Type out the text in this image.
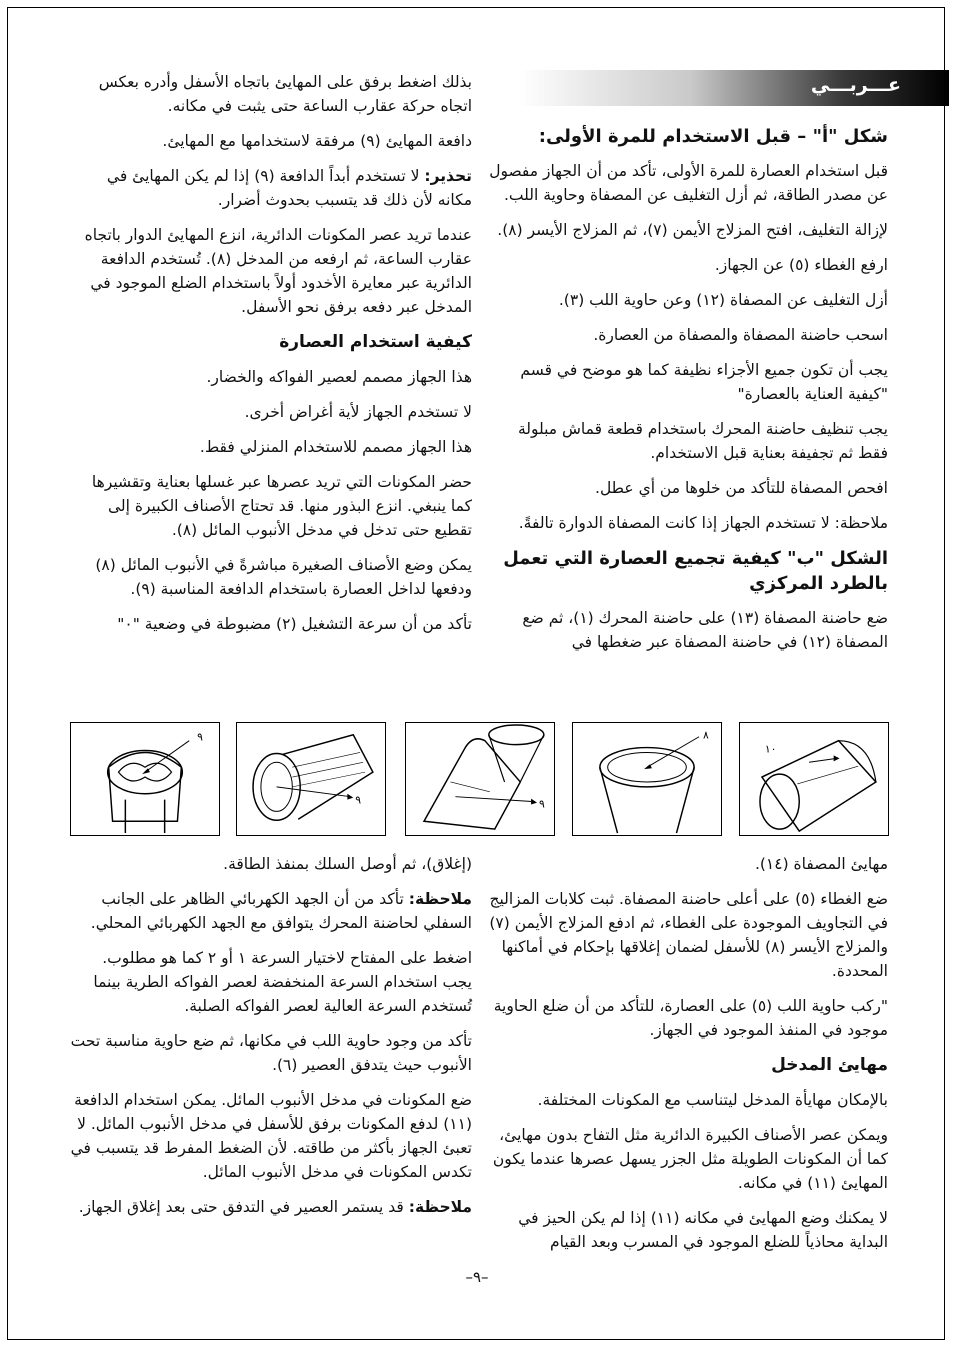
عـــربـــي
شكل "أ" – قبل الاستخدام للمرة الأولى:

قبل استخدام العصارة للمرة الأولى، تأكد من أن الجهاز مفصول عن مصدر الطاقة، ثم أزل التغليف عن المصفاة وحاوية اللب.

لإزالة التغليف، افتح المزلاج الأيمن (٧)، ثم المزلاج الأيسر (٨).

ارفع الغطاء (٥) عن الجهاز.

أزل التغليف عن المصفاة (١٢) وعن حاوية اللب (٣).

اسحب حاضنة المصفاة والمصفاة من العصارة.

يجب أن تكون جميع الأجزاء نظيفة كما هو موضح في قسم "كيفية العناية بالعصارة"

يجب تنظيف حاضنة المحرك باستخدام قطعة قماش مبلولة فقط ثم تجفيفة بعناية قبل الاستخدام.

افحص المصفاة للتأكد من خلوها من أي عطل.

ملاحظة: لا تستخدم الجهاز إذا كانت المصفاة الدوارة تالفةً.

الشكل "ب" كيفية تجميع العصارة التي تعمل بالطرد المركزي

ضع حاضنة المصفاة (١٣) على حاضنة المحرك (١)، ثم ضع المصفاة (١٢) في حاضنة المصفاة عبر ضغطها في

بذلك اضغط برفق على المهايئ باتجاه الأسفل وأدره بعكس اتجاه حركة عقارب الساعة حتى يثبت في مكانه.

دافعة المهايئ (٩) مرفقة لاستخدامها مع المهايئ.

تحذير: لا تستخدم أبداً الدافعة (٩) إذا لم يكن المهايئ في مكانه لأن ذلك قد يتسبب بحدوث أضرار.

عندما تريد عصر المكونات الدائرية، انزع المهايئ الدوار باتجاه عقارب الساعة، ثم ارفعه من المدخل (٨). تُستخدم الدافعة الدائرية عبر معايرة الأخدود أولاً باستخدام الضلع الموجود في المدخل عبر دفعه برفق نحو الأسفل.

كيفية استخدام العصارة

هذا الجهاز مصمم لعصير الفواكه والخضار.

لا تستخدم الجهاز لأية أغراض أخرى.

هذا الجهاز مصمم للاستخدام المنزلي فقط.

حضر المكونات التي تريد عصرها عبر غسلها بعناية وتقشيرها كما ينبغي. انزع البذور منها. قد تحتاج الأصناف الكبيرة إلى تقطيع حتى تدخل في مدخل الأنبوب المائل (٨).

يمكن وضع الأصناف الصغيرة مباشرةً في الأنبوب المائل (٨) ودفعها لداخل العصارة باستخدام الدافعة المناسبة (٩).

تأكد من أن سرعة التشغيل (٢) مضبوطة في وضعية "٠"

٩
٩	٩
٨
١٠

مهايئ المصفاة (١٤).

ضع الغطاء (٥) على أعلى حاضنة المصفاة. ثبت كلابات المزاليج في التجاويف الموجودة على الغطاء، ثم ادفع المزلاج الأيمن (٧) والمزلاج الأيسر (٨) للأسفل لضمان إغلاقها بإحكام في أماكنها المحددة.

"ركب حاوية اللب (٥) على العصارة، للتأكد من أن ضلع الحاوية موجود في المنفذ الموجود في الجهاز.

مهايئ المدخل

بالإمكان مهايأة المدخل ليتناسب مع المكونات المختلفة.

ويمكن عصر الأصناف الكبيرة الدائرية مثل التفاح بدون مهايئ، كما أن المكونات الطويلة مثل الجزر يسهل عصرها عندما يكون المهايئ (١١) في مكانه.

لا يمكنك وضع المهايئ في مكانه (١١) إذا لم يكن الحيز في البداية محاذياً للضلع الموجود في المسرب وبعد القيام

(إغلاق)، ثم أوصل السلك بمنفذ الطاقة.

ملاحظة: تأكد من أن الجهد الكهربائي الظاهر على الجانب السفلي لحاضنة المحرك يتوافق مع الجهد الكهربائي المحلي.

اضغط على المفتاح لاختيار السرعة ١ أو ٢ كما هو مطلوب. يجب استخدام السرعة المنخفضة لعصر الفواكه الطرية بينما تُستخدم السرعة العالية لعصر الفواكه الصلبة.

تأكد من وجود حاوية اللب في مكانها، ثم ضع حاوية مناسبة تحت الأنبوب حيث يتدفق العصير (٦).

ضع المكونات في مدخل الأنبوب المائل. يمكن استخدام الدافعة (١١) لدفع المكونات برفق للأسفل في مدخل الأنبوب المائل. لا تعبئ الجهاز بأكثر من طاقته. لأن الضغط المفرط قد يتسبب في تكدس المكونات في مدخل الأنبوب المائل.

ملاحظة: قد يستمر العصير في التدفق حتى بعد إغلاق الجهاز.

–٩–
